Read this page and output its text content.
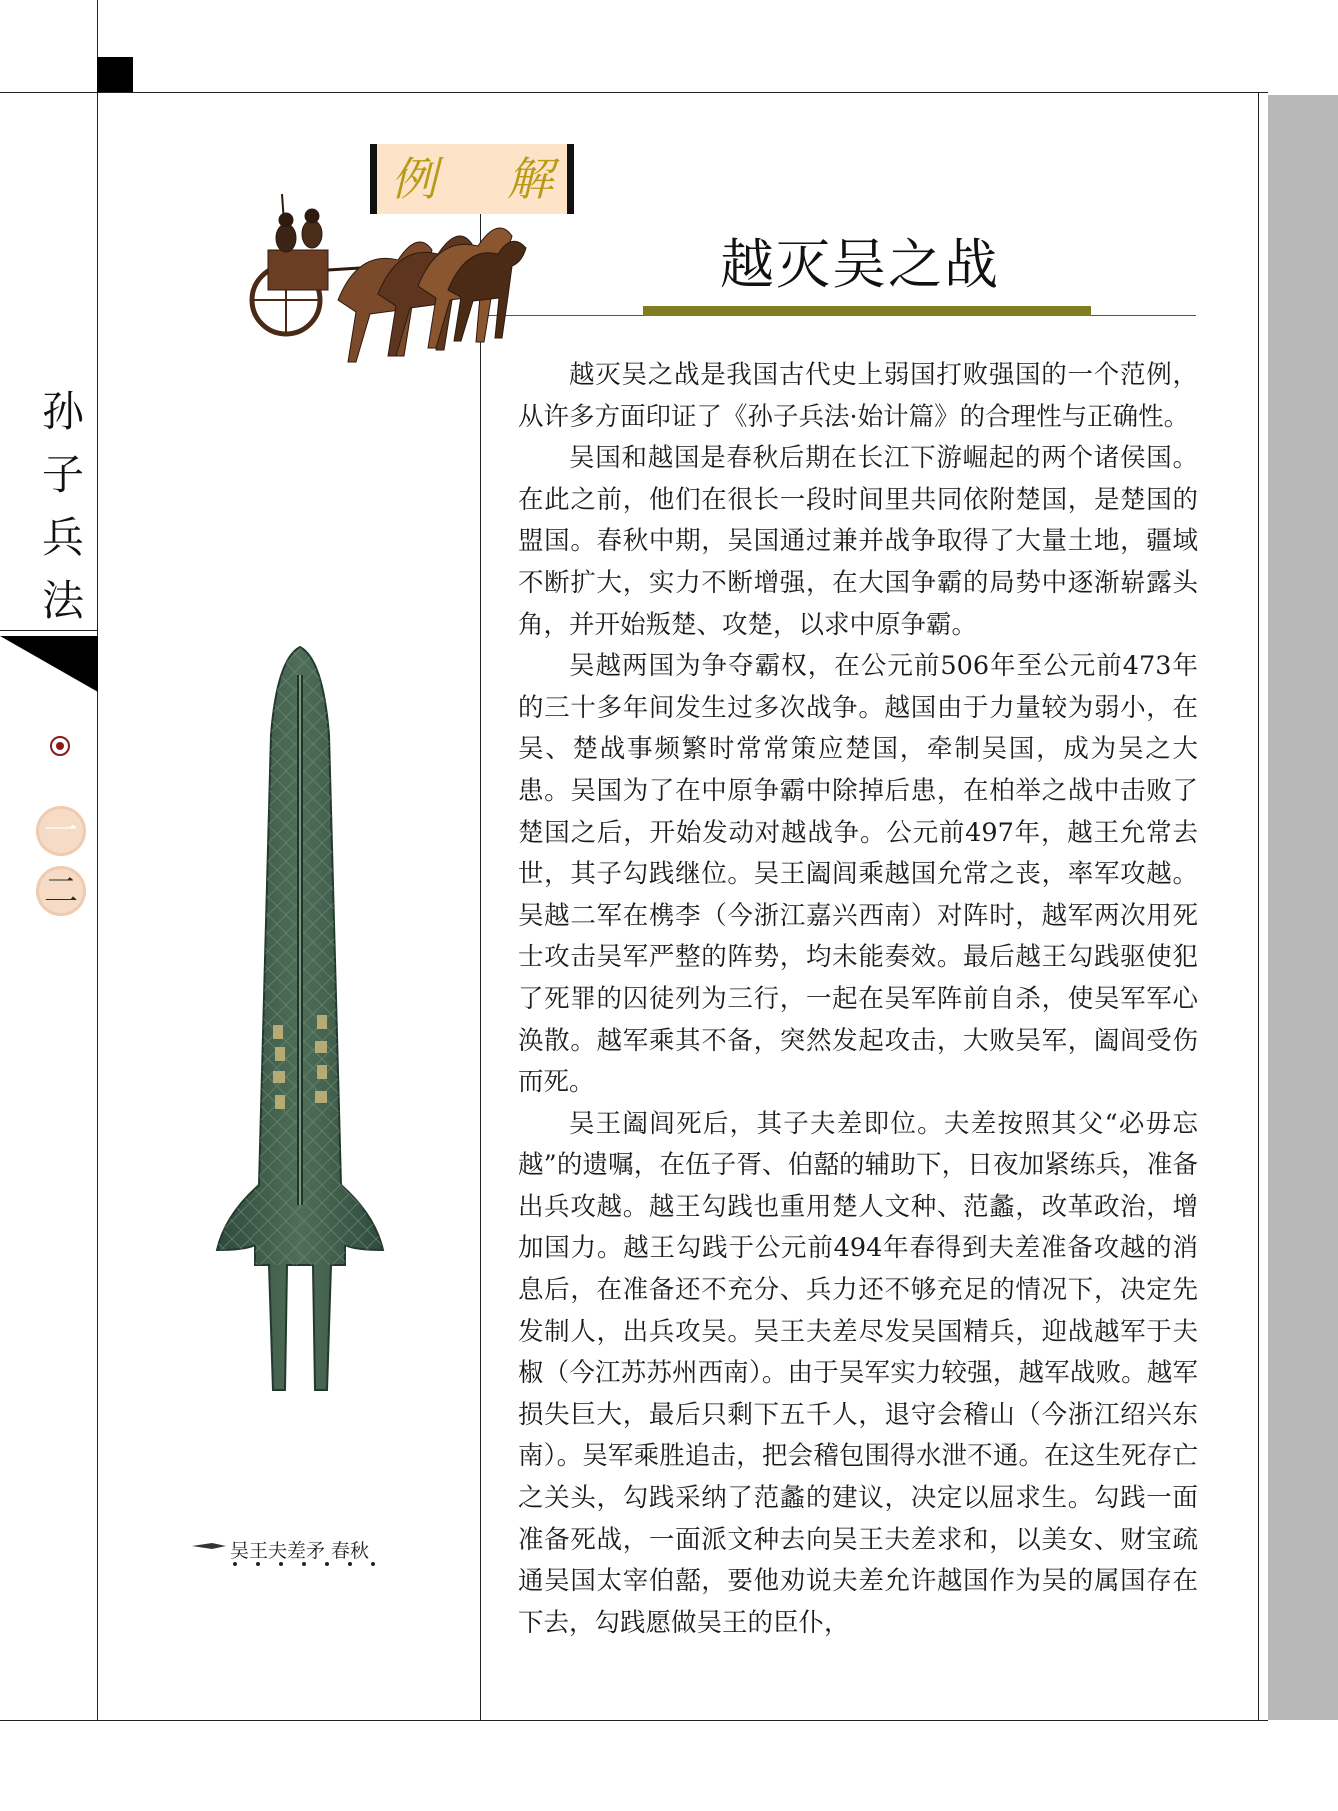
孙
子
兵
法
一
二
例 解
越灭吴之战

越灭吴之战是我国古代史上弱国打败强国的一个范例，从许多方面印证了《孙子兵法·始计篇》的合理性与正确性。

吴国和越国是春秋后期在长江下游崛起的两个诸侯国。在此之前，他们在很长一段时间里共同依附楚国，是楚国的盟国。春秋中期，吴国通过兼并战争取得了大量土地，疆域不断扩大，实力不断增强，在大国争霸的局势中逐渐崭露头角，并开始叛楚、攻楚，以求中原争霸。

吴越两国为争夺霸权，在公元前506年至公元前473年的三十多年间发生过多次战争。越国由于力量较为弱小，在吴、楚战事频繁时常常策应楚国，牵制吴国，成为吴之大患。吴国为了在中原争霸中除掉后患，在柏举之战中击败了楚国之后，开始发动对越战争。公元前497年，越王允常去世，其子勾践继位。吴王阖闾乘越国允常之丧，率军攻越。吴越二军在槜李（今浙江嘉兴西南）对阵时，越军两次用死士攻击吴军严整的阵势，均未能奏效。最后越王勾践驱使犯了死罪的囚徒列为三行，一起在吴军阵前自杀，使吴军军心涣散。越军乘其不备，突然发起攻击，大败吴军，阖闾受伤而死。

吴王阖闾死后，其子夫差即位。夫差按照其父“必毋忘越”的遗嘱，在伍子胥、伯嚭的辅助下，日夜加紧练兵，准备出兵攻越。越王勾践也重用楚人文种、范蠡，改革政治，增加国力。越王勾践于公元前494年春得到夫差准备攻越的消息后，在准备还不充分、兵力还不够充足的情况下，决定先发制人，出兵攻吴。吴王夫差尽发吴国精兵，迎战越军于夫椒（今江苏苏州西南）。由于吴军实力较强，越军战败。越军损失巨大，最后只剩下五千人，退守会稽山（今浙江绍兴东南）。吴军乘胜追击，把会稽包围得水泄不通。在这生死存亡之关头，勾践采纳了范蠡的建议，决定以屈求生。勾践一面准备死战，一面派文种去向吴王夫差求和，以美女、财宝疏通吴国太宰伯嚭，要他劝说夫差允许越国作为吴的属国存在下去，勾践愿做吴王的臣仆，

吴王夫差矛 春秋
